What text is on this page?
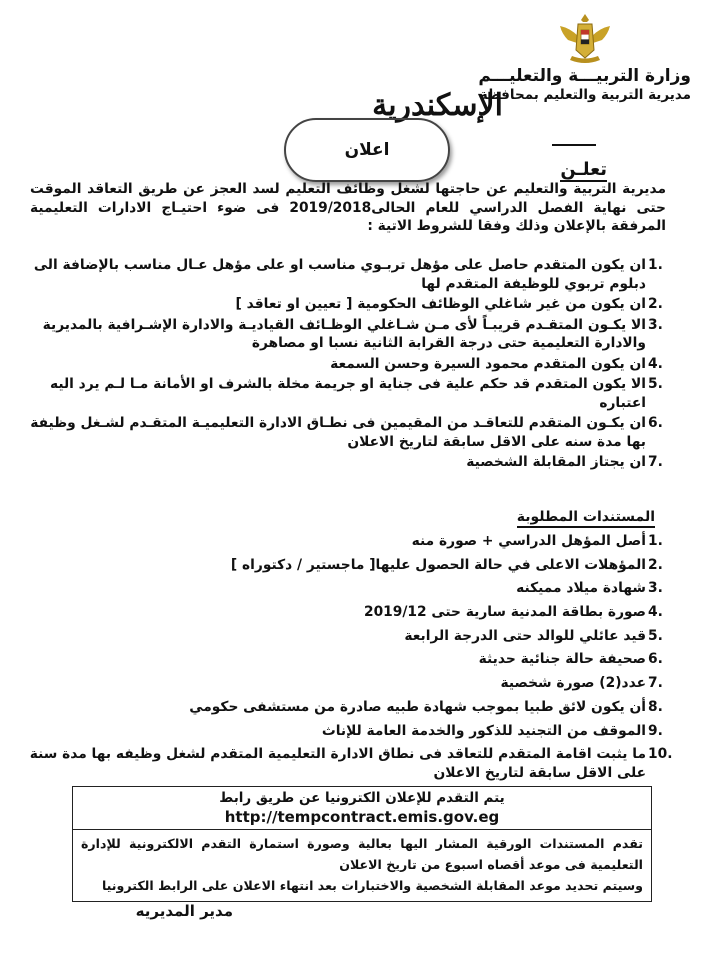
وزارة التربيـــة والتعليـــم
مديرية التربية والتعليم بمحافظة
الإسكندرية
اعلان
تعلـن
مديرية التربية والتعليم عن حاجتها لشغل وظائف التعليم لسد العجز عن طريق التعاقد الموقت حتى نهاية الفصل الدراسي للعام الحالى2019/2018 فى ضوء احتيـاج الادارات التعليمية المرفقة بالإعلان وذلك وفقا للشروط الاتية :
1.
ان يكون المتقدم حاصل على مؤهل تربـوي مناسب او على مؤهل عـال مناسب بالإضافة الى دبلوم تربوي للوظيفة المتقدم لها
2.
ان يكون من غير شاغلي الوظائف الحكومية [ تعيين او تعاقد ]
3.
الا يكـون المتقـدم قريبـاً لأى مـن شـاغلي الوظـائف القياديـة والادارة الإشـرافية بالمديرية والادارة التعليمية حتى درجة القرابة الثانية نسبا او مصاهرة
4.
ان يكون المتقدم محمود السيرة وحسن السمعة
5.
الا يكون المتقدم قد حكم علية فى جناية او جريمة مخلة بالشرف او الأمانة مـا لـم يرد اليه اعتباره
6.
ان يكـون المتقدم للتعاقـد من المقيمين فى نطـاق الادارة التعليميـة المتقـدم لشـغل وظيفة بها مدة سنه على الاقل سابقة لتاريخ الاعلان
7.
ان يجتاز المقابلة الشخصية
المستندات المطلوبة
1.
أصل المؤهل الدراسي + صورة منه
2.
المؤهلات الاعلى في حالة الحصول عليها[ ماجستير / دكتوراه ]
3.
شهادة ميلاد مميكنه
4.
صورة بطاقة المدنية سارية حتى 2019/12
5.
قيد عائلي للوالد حتى الدرجة الرابعة
6.
صحيفة حالة جنائية حديثة
7.
عدد(2) صورة شخصية
8.
أن يكون لائق طبيا بموجب شهادة طبيه صادرة من مستشفى حكومي
9.
الموقف من التجنيد للذكور والخدمة العامة للإناث
10.
ما يثبت اقامة المتقدم للتعاقد فى نطاق الادارة التعليمية المتقدم لشغل وظيفه بها مدة سنة على الاقل سابقة لتاريخ الاعلان
يتم التقدم للإعلان الكترونيا عن طريق رابط
http://tempcontract.emis.gov.eg
تقدم المستندات الورقية المشار اليها بعالية وصورة استمارة التقدم الالكترونية للإدارة التعليمية فى موعد أقصاه اسبوع من تاريخ الاعلان
وسيتم تحديد موعد المقابلة الشخصية والاختبارات بعد انتهاء الاعلان على الرابط الكترونيا
مدير المديريه
